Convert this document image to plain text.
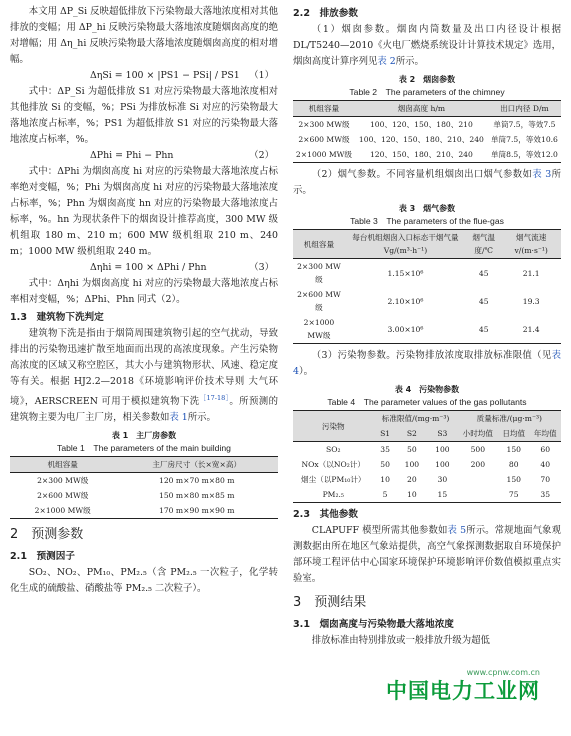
本文用 ΔP_Si 反映超低排放下污染物最大落地浓度相对其他排放的变幅；用 ΔP_hi 反映污染物最大落地浓度随烟囱高度的绝对增幅；用 Δη_hi 反映污染物最大落地浓度随烟囱高度的相对增幅。

ΔηSi = 100 × |PS1 − PSi| / PS1 （1）

式中：ΔP_Si 为超低排放 S1 对应污染物最大落地浓度相对其他排放 Si 的变幅，%；PSi 为排放标准 Si 对应的污染物最大落地浓度占标率，%；PS1 为超低排放 S1 对应的污染物最大落地浓度占标率，%。

ΔPhi = Phi − Phn	（2）

式中：ΔPhi 为烟囱高度 hi 对应的污染物最大落地浓度占标率绝对变幅，%；Phi 为烟囱高度 hi 对应的污染物最大落地浓度占标率，%；Phn 为烟囱高度 hn 对应的污染物最大落地浓度占标率，%。hn 为现状条件下的烟囱设计推荐高度，300 MW 级机组取 180 m、210 m；600 MW 级机组取 210 m、240 m；1000 MW 级机组取 240 m。

Δηhi = 100 × ΔPhi / Phn	（3）

式中：Δηhi 为烟囱高度 hi 对应的污染物最大落地浓度占标率相对变幅，%；ΔPhi、Phn 同式（2）。

1.3　建筑物下洗判定

建筑物下洗是指由于烟筒周围建筑物引起的空气扰动，导致排出的污染物迅速扩散至地面而出现的高浓度现象。产生污染物高浓度的区域又称空腔区，其大小与建筑物形状、风速、稳定度等有关。根据 HJ2.2—2018《环境影响评价技术导则 大气环境》，AERSCREEN 可用于模拟建筑物下洗$^{[17-18]}$。所预测的建筑物主要为电厂主厂房，相关参数如表 1所示。

表 1　主厂房参数
Table 1　The parameters of the main building
机组容量	主厂房尺寸（长×宽×高）
2×300 MW级	120 m×70 m×80 m
2×600 MW级	150 m×80 m×85 m
2×1000 MW级	170 m×90 m×90 m

2　预测参数

2.1　预测因子

SO₂、NO₂、PM₁₀、PM₂.₅（含 PM₂.₅ 一次粒子，化学转化生成的硫酸盐、硝酸盐等 PM₂.₅ 二次粒子）。

2.2　排放参数

（1）烟囱参数。烟囱内筒数量及出口内径设计根据 DL/T5240—2010《火电厂燃烧系统设计计算技术规定》选用，烟囱高度计算序列见表 2所示。

表 2　烟囱参数
Table 2　The parameters of the chimney
机组容量	烟囱高度 h/m	出口内径 D/m
2×300 MW级	100、120、150、180、210	单筒7.5，等效7.5
2×600 MW级	100、120、150、180、210、240	单筒7.5，等效10.6
2×1000 MW级	120、150、180、210、240	单筒8.5，等效12.0

（2）烟气参数。不同容量机组烟囱出口烟气参数如表 3所示。

表 3　烟气参数
Table 3　The parameters of the flue-gas
机组容量	每台机组烟囱入口标态干烟气量 Vg/(m³·h⁻¹)	烟气温度/℃	烟气流速 v/(m·s⁻¹)
2×300 MW级	1.15×10⁶	45	21.1
2×600 MW级	2.10×10⁶	45	19.3
2×1000 MW级	3.00×10⁶	45	21.4

（3）污染物参数。污染物排放浓度取排放标准限值（见表 4）。

表 4　污染物参数
Table 4　The parameter values of the gas pollutants
污染物	标准限值/(mg·m⁻³)			质量标准/(μg·m⁻³)		
	S1	S2	S3	小时均值	日均值	年均值
SO₂	35	50	100	500	150	60
NOx（以NO₂计）	50	100	100	200	80	40
烟尘（以PM₁₀计）	10	20	30		150	70
PM₂.₅	5	10	15		75	35

2.3　其他参数

CLAPUFF 模型所需其他参数如表 5所示。常规地面气象观测数据由所在地区气象站提供，高空气象探测数据取自环境保护部环境工程评估中心国家环境保护环境影响评价数值模拟重点实验室。

3　预测结果

3.1　烟囱高度与污染物最大落地浓度

排放标准由特别排放或一般排放升级为超低

www.cpnw.com.cn
中国电力工业网
